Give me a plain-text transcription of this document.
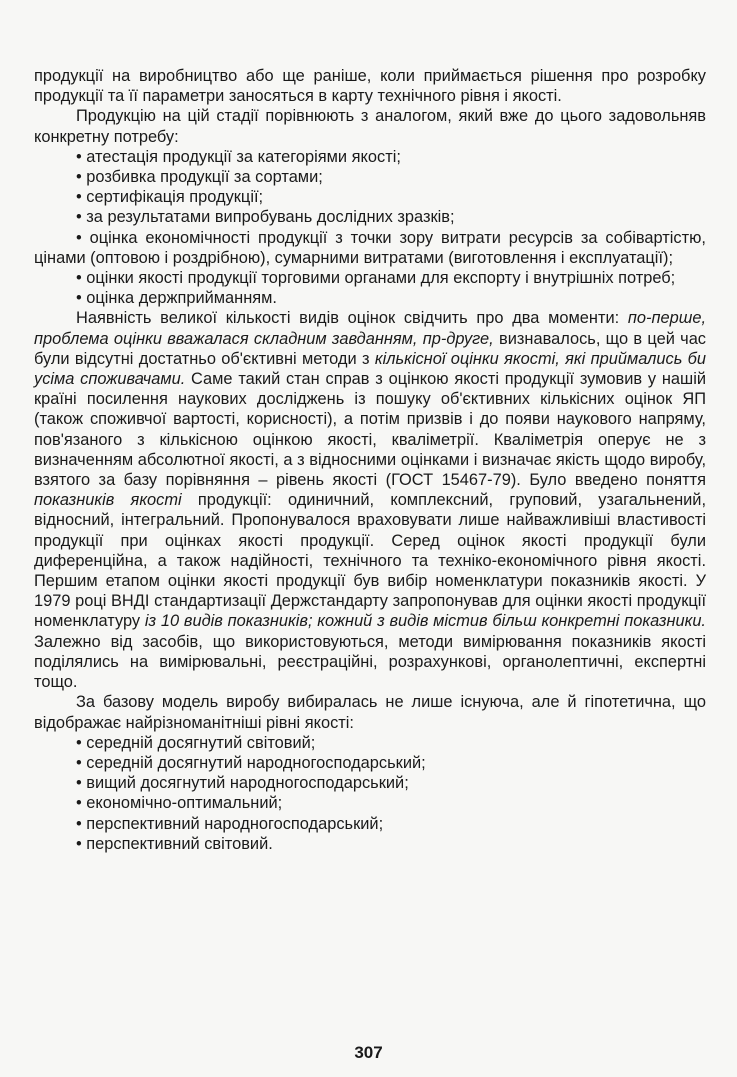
продукції на виробництво або ще раніше, коли приймається рішення про розробку продукції та її параметри заносяться в карту технічного рівня і якості.

Продукцію на цій стадії порівнюють з аналогом, який вже до цього задовольняв конкретну потребу:

• атестація продукції за категоріями якості;

• розбивка продукції за сортами;

• сертифікація продукції;

• за результатами випробувань дослідних зразків;

• оцінка економічності продукції з точки зору витрати ресурсів за собівартістю, цінами (оптовою і роздрібною), сумарними витратами (виготовлення і експлуатації);

• оцінки якості продукції торговими органами для експорту і внутрішніх потреб;

• оцінка держприйманням.

Наявність великої кількості видів оцінок свідчить про два моменти: по-перше, проблема оцінки вважалася складним завданням, пр-друге, визнавалось, що в цей час були відсутні достатньо об'єктивні методи з кількісної оцінки якості, які приймались би усіма споживачами. Саме такий стан справ з оцінкою якості продукції зумовив у нашій країні посилення наукових досліджень із пошуку об'єктивних кількісних оцінок ЯП (також споживчої вартості, корисності), а потім призвів і до появи наукового напряму, пов'язаного з кількісною оцінкою якості, кваліметрії. Кваліметрія оперує не з визначенням абсолютної якості, а з відносними оцінками і визначає якість щодо виробу, взятого за базу порівняння – рівень якості (ГОСТ 15467-79). Було введено поняття показників якості продукції: одиничний, комплексний, груповий, узагальнений, відносний, інтегральний. Пропонувалося враховувати лише найважливіші властивості продукції при оцінках якості продукції. Серед оцінок якості продукції були диференційна, а також надійності, технічного та техніко-економічного рівня якості. Першим етапом оцінки якості продукції був вибір номенклатури показників якості. У 1979 році ВНДІ стандартизації Держстандарту запропонував для оцінки якості продукції номенклатуру із 10 видів показників; кожний з видів містив більш конкретні показники. Залежно від засобів, що використовуються, методи вимірювання показників якості поділялись на вимірювальні, реєстраційні, розрахункові, органолептичні, експертні тощо.

За базову модель виробу вибиралась не лише існуюча, але й гіпотетична, що відображає найрізноманітніші рівні якості:

• середній досягнутий світовий;

• середній досягнутий народногосподарський;

• вищий досягнутий народногосподарський;

• економічно-оптимальний;

• перспективний народногосподарський;

• перспективний світовий.

307
